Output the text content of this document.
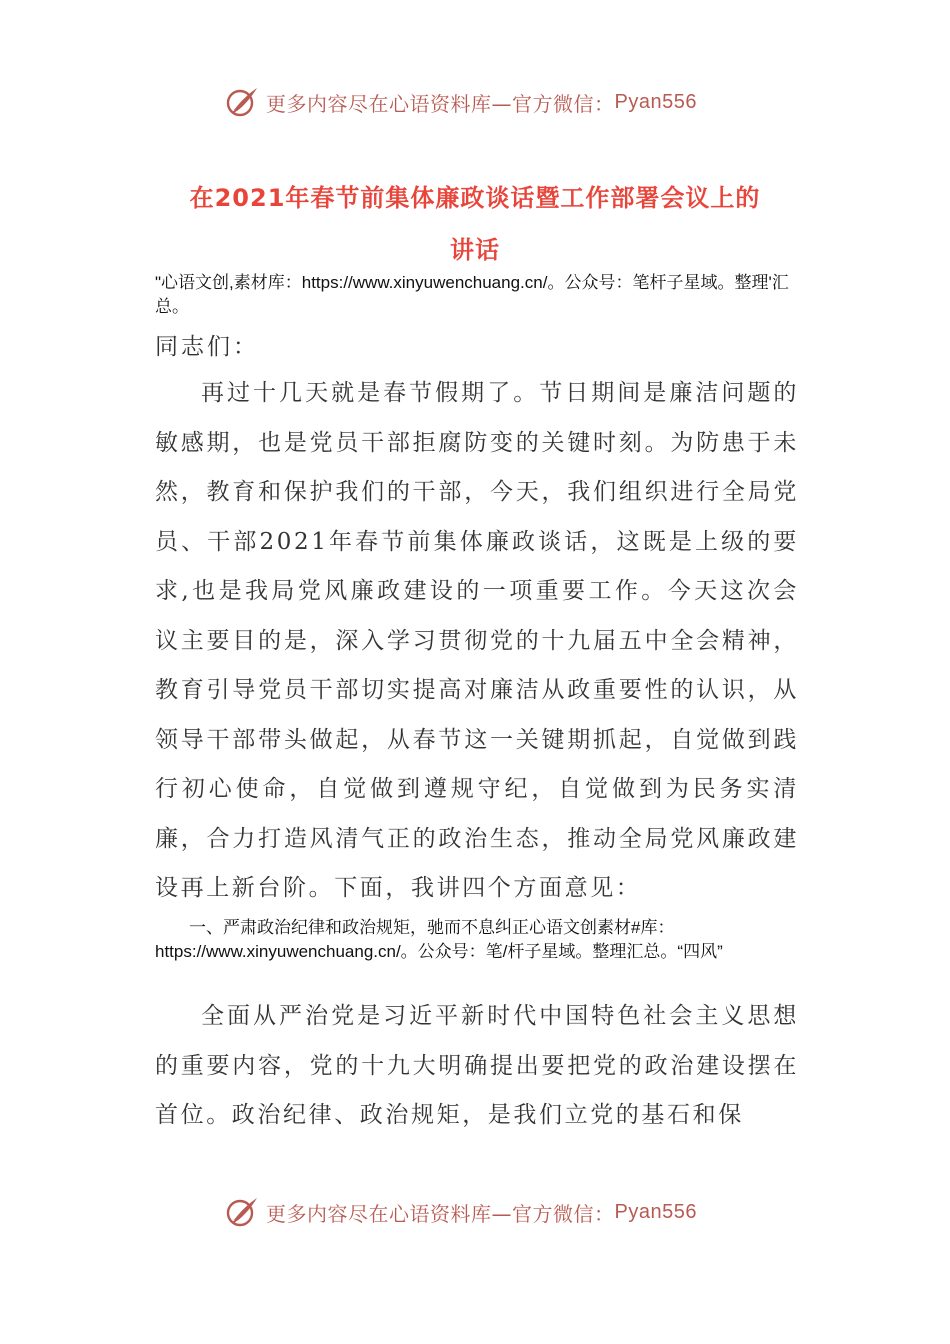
更多内容尽在心语资料库—官方微信： Pyan556
在2021年春节前集体廉政谈话暨工作部署会议上的
讲话
"心语文创,素材库：https://www.xinyuwenchuang.cn/。公众号：笔杆子星域。整理'汇总。
同志们：

再过十几天就是春节假期了。节日期间是廉洁问题的敏感期，也是党员干部拒腐防变的关键时刻。为防患于未然，教育和保护我们的干部，今天，我们组织进行全局党员、干部2021年春节前集体廉政谈话，这既是上级的要求,也是我局党风廉政建设的一项重要工作。今天这次会议主要目的是，深入学习贯彻党的十九届五中全会精神，教育引导党员干部切实提高对廉洁从政重要性的认识，从领导干部带头做起，从春节这一关键期抓起，自觉做到践行初心使命，自觉做到遵规守纪，自觉做到为民务实清廉，合力打造风清气正的政治生态，推动全局党风廉政建设再上新台阶。下面，我讲四个方面意见：

一、严肃政治纪律和政治规矩，驰而不息纠正心语文创素材#库：https://www.xinyuwenchuang.cn/。公众号：笔/杆子星域。整理汇总。“四风”

全面从严治党是习近平新时代中国特色社会主义思想的重要内容，党的十九大明确提出要把党的政治建设摆在首位。政治纪律、政治规矩，是我们立党的基石和保

更多内容尽在心语资料库—官方微信： Pyan556
